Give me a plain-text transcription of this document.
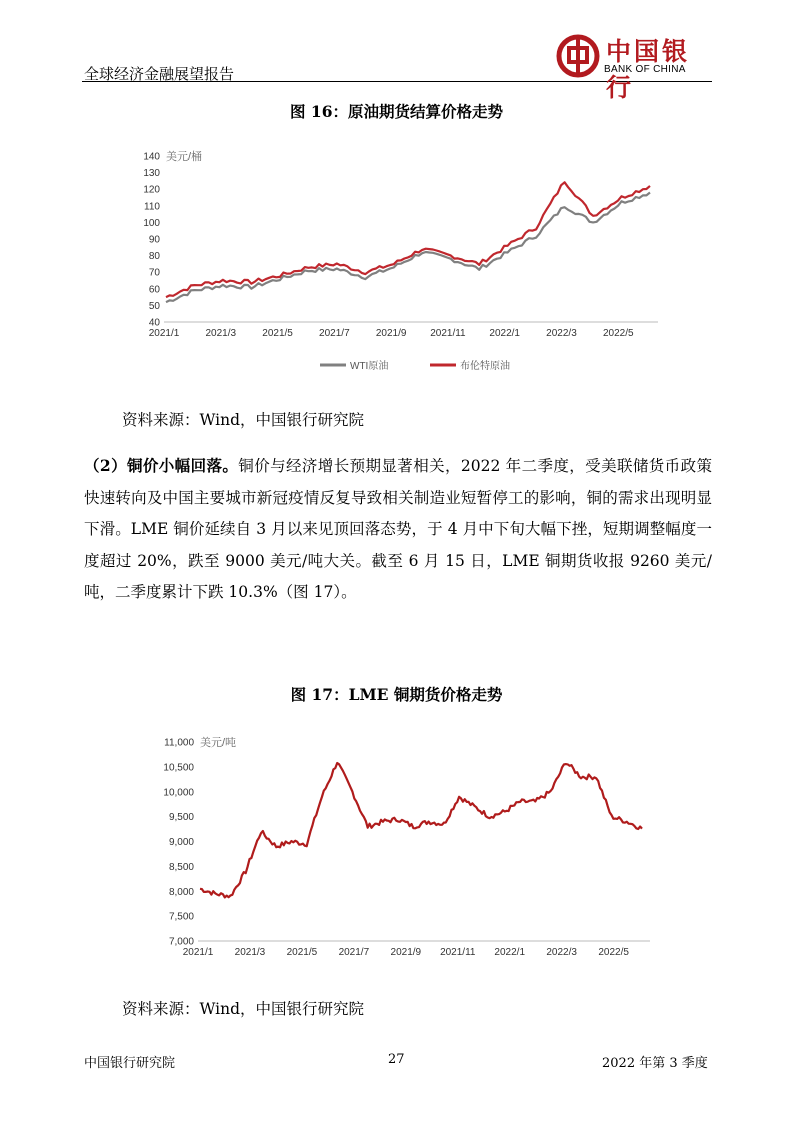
全球经济金融展望报告
中国银行
BANK OF CHINA
图 16：原油期货结算价格走势
40
50
60
70
80
90
100
110
120
130
140 美元/桶
2021/1	2021/3	2021/5	2021/7	2021/9 2021/11 2022/1	2022/3	2022/5
WTI原油	布伦特原油
资料来源：Wind，中国银行研究院
（2）铜价小幅回落。铜价与经济增长预期显著相关，2022 年二季度，受美联储货币政策快速转向及中国主要城市新冠疫情反复导致相关制造业短暂停工的影响，铜的需求出现明显下滑。LME 铜价延续自 3 月以来见顶回落态势，于 4 月中下旬大幅下挫，短期调整幅度一度超过 20%，跌至 9000 美元/吨大关。截至 6 月 15 日，LME 铜期货收报 9260 美元/吨，二季度累计下跌 10.3%（图 17）。
图 17：LME 铜期货价格走势
7,000
7,500
8,000
8,500
9,000
9,500
10,000
10,500
11,000 美元/吨
2021/1 2021/3 2021/5 2021/7 2021/9 2021/11 2022/1 2022/3 2022/5
资料来源：Wind，中国银行研究院
中国银行研究院	27	2022 年第 3 季度
